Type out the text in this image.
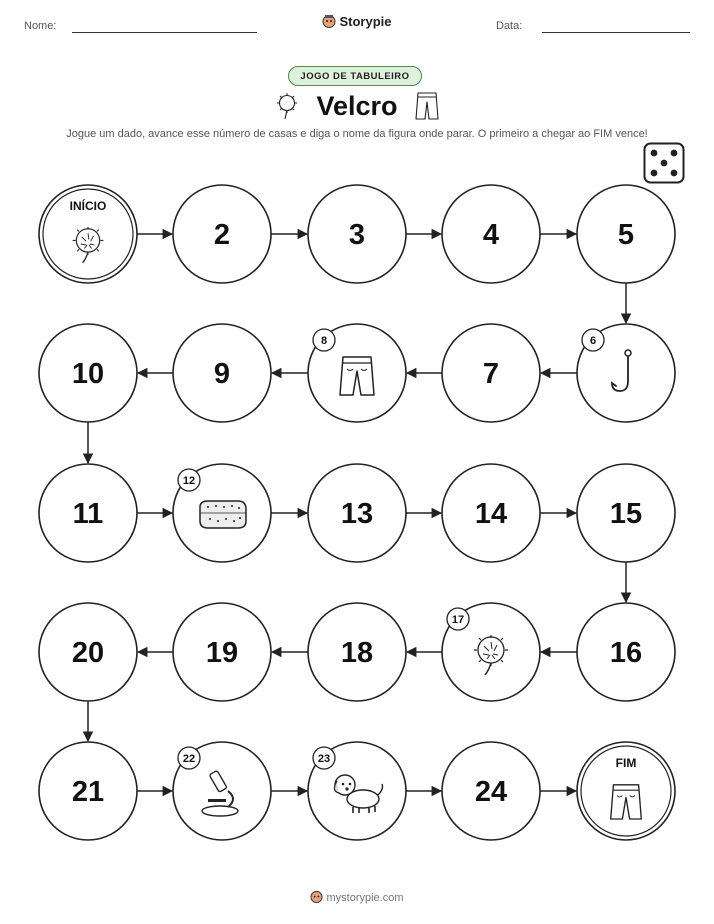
Nome:	Storypie	Data:
JOGO DE TABULEIRO
Velcro
Jogue um dado, avance esse número de casas e diga o nome da figura onde parar. O primeiro a chegar ao FIM vence!
INÍCIO
2	3	4	5
6
7
8
9
10
11
12
13	14	15
16
17
18
19
20
21
22	23
24
FIM
mystorypie.com
